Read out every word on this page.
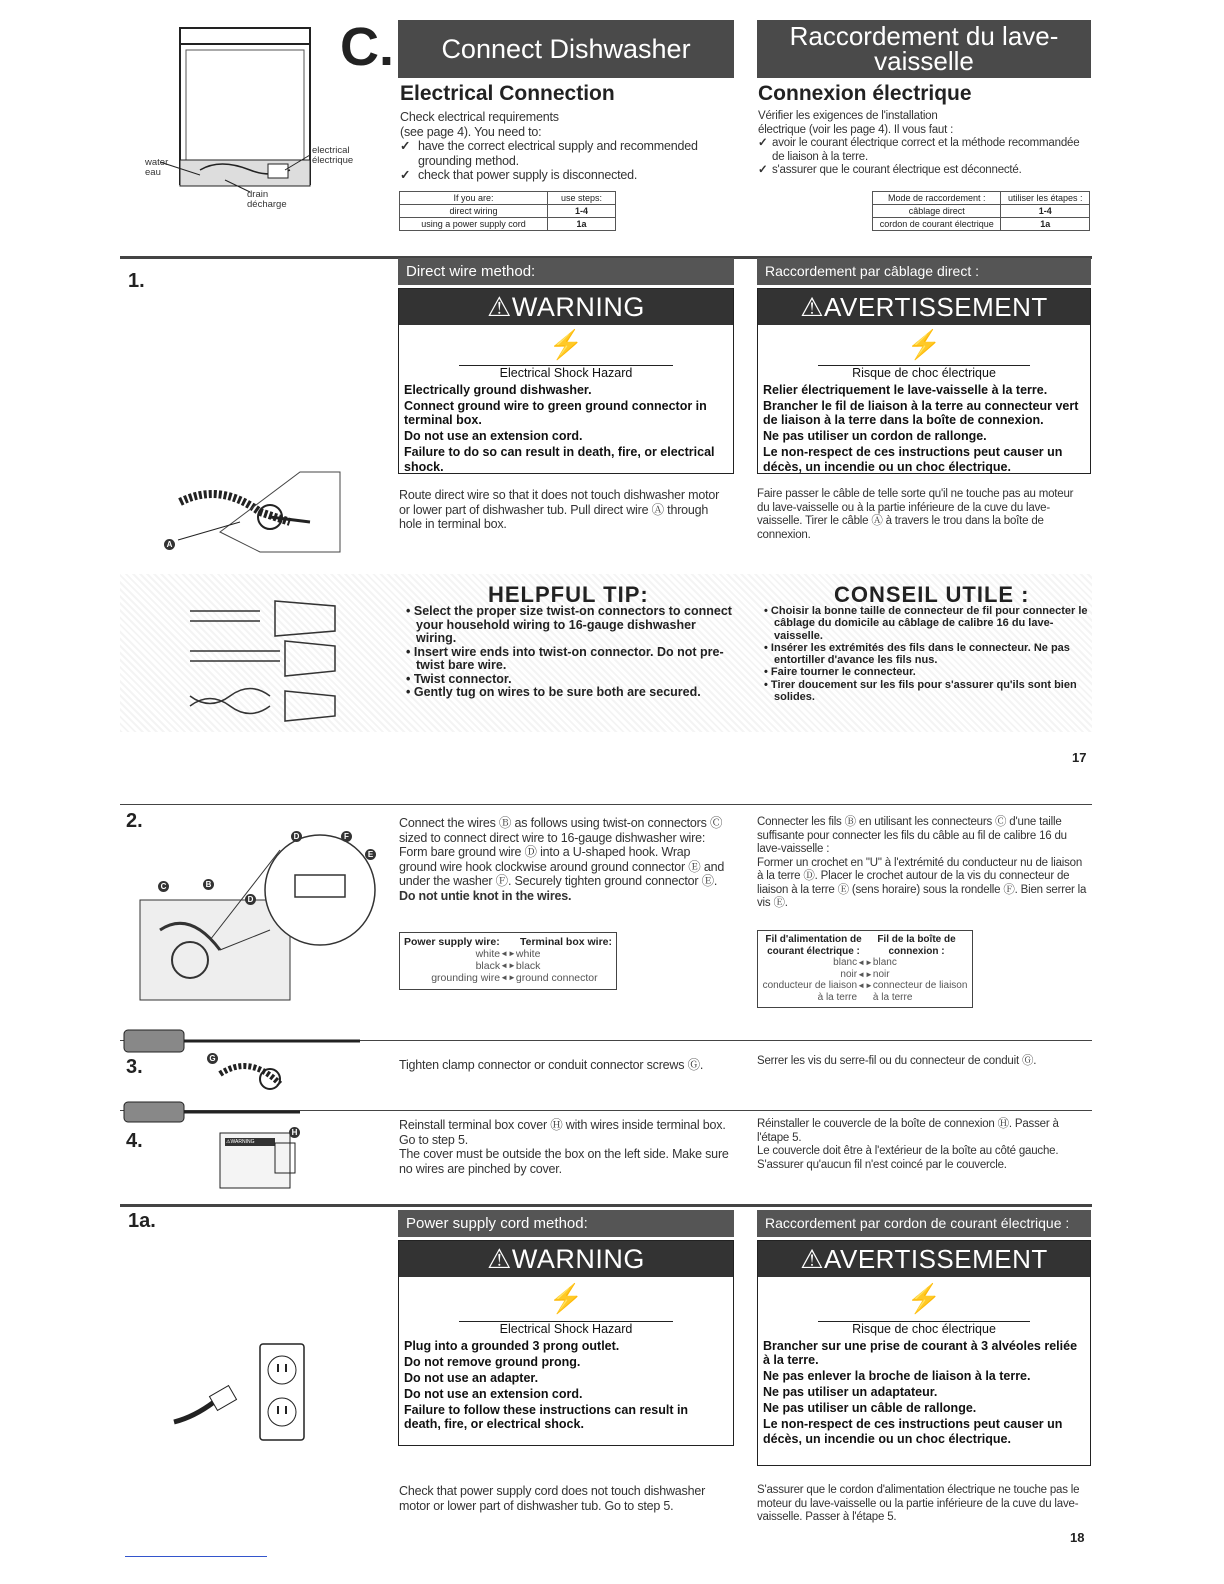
water
eau
electrical
électrique
drain
décharge
C.	Connect Dishwasher	Raccordement du lave-vaisselle
Electrical Connection
Check electrical requirements
(see page 4). You need to:
✓ have the correct electrical supply and recommended grounding method.
✓ check that power supply is disconnected.
If you are:	use steps:
direct wiring	1-4
using a power supply cord	1a
Connexion électrique
Vérifier les exigences de l'installation
électrique (voir les page 4). Il vous faut :
✓ avoir le courant électrique correct et la méthode recommandée de liaison à la terre.
✓ s'assurer que le courant électrique est déconnecté.
Mode de raccordement :	utiliser les étapes :
câblage direct	1-4
cordon de courant électrique	1a
1.	Direct wire method:	Raccordement par câblage direct :
⚠WARNING
⚡
Electrical Shock Hazard

Electrically ground dishwasher.

Connect ground wire to green ground connector in terminal box.

Do not use an extension cord.

Failure to do so can result in death, fire, or electrical shock.

⚠AVERTISSEMENT
⚡
Risque de choc électrique

Relier électriquement le lave-vaisselle à la terre.

Brancher le fil de liaison à la terre au connecteur vert de liaison à la terre dans la boîte de connexion.

Ne pas utiliser un cordon de rallonge.

Le non-respect de ces instructions peut causer un décès, un incendie ou un choc électrique.

A
Route direct wire so that it does not touch dishwasher motor or lower part of dishwasher tub. Pull direct wire Ⓐ through hole in terminal box.
Faire passer le câble de telle sorte qu'il ne touche pas au moteur du lave-vaisselle ou à la partie inférieure de la cuve du lave-vaisselle. Tirer le câble Ⓐ à travers le trou dans la boîte de connexion.
HELPFUL TIP:	CONSEIL UTILE :
• Select the proper size twist-on connectors to connect your household wiring to 16-gauge dishwasher wiring.
• Insert wire ends into twist-on connector. Do not pre-twist bare wire.
• Twist connector.
• Gently tug on wires to be sure both are secured.
• Choisir la bonne taille de connecteur de fil pour connecter le câblage du domicile au câblage de calibre 16 du lave-vaisselle.
• Insérer les extrémités des fils dans le connecteur. Ne pas entortiller d'avance les fils nus.
• Faire tourner le connecteur.
• Tirer doucement sur les fils pour s'assurer qu'ils sont bien solides.
17
2.
D	F
E
C	B
D
Connect the wires Ⓑ as follows using twist-on connectors Ⓒ sized to connect direct wire to 16-gauge dishwasher wire:
Form bare ground wire Ⓓ into a U-shaped hook. Wrap ground wire hook clockwise around ground connector Ⓔ and under the washer Ⓕ. Securely tighten ground connector Ⓔ.
Do not untie knot in the wires.
Connecter les fils Ⓑ en utilisant les connecteurs Ⓒ d'une taille suffisante pour connecter les fils du câble au fil de calibre 16 du lave-vaisselle :
Former un crochet en "U" à l'extrémité du conducteur nu de liaison à la terre Ⓓ. Placer le crochet autour de la vis du connecteur de liaison à la terre Ⓔ (sens horaire) sous la rondelle Ⓕ. Bien serrer la vis Ⓔ.
Power supply wire:	Terminal box wire:
white ◄► white
black ◄► black
grounding wire ◄► ground connector
Fil d'alimentation de courant électrique :
Fil de la boîte de connexion :
blanc ◄► blanc
noir ◄► noir
conducteur de liaison à la terre
◄► connecteur de liaison à la terre
G
3.	Tighten clamp connector or conduit connector screws Ⓖ.	Serrer les vis du serre-fil ou du connecteur de conduit Ⓖ.
⚠WARNING
H
4.
Reinstall terminal box cover Ⓗ with wires inside terminal box. Go to step 5.
The cover must be outside the box on the left side. Make sure no wires are pinched by cover.
Réinstaller le couvercle de la boîte de connexion Ⓗ. Passer à l'étape 5.
Le couvercle doit être à l'extérieur de la boîte au côté gauche. S'assurer qu'aucun fil n'est coincé par le couvercle.
1a.	Power supply cord method:	Raccordement par cordon de courant électrique :
⚠WARNING
⚡
Electrical Shock Hazard

Plug into a grounded 3 prong outlet.

Do not remove ground prong.

Do not use an adapter.

Do not use an extension cord.

Failure to follow these instructions can result in death, fire, or electrical shock.

⚠AVERTISSEMENT
⚡
Risque de choc électrique

Brancher sur une prise de courant à 3 alvéoles reliée à la terre.

Ne pas enlever la broche de liaison à la terre.

Ne pas utiliser un adaptateur.

Ne pas utiliser un câble de rallonge.

Le non-respect de ces instructions peut causer un décès, un incendie ou un choc électrique.

Check that power supply cord does not touch dishwasher motor or lower part of dishwasher tub. Go to step 5.
S'assurer que le cordon d'alimentation électrique ne touche pas le moteur du lave-vaisselle ou la partie inférieure de la cuve du lave-vaisselle. Passer à l'étape 5.
18
